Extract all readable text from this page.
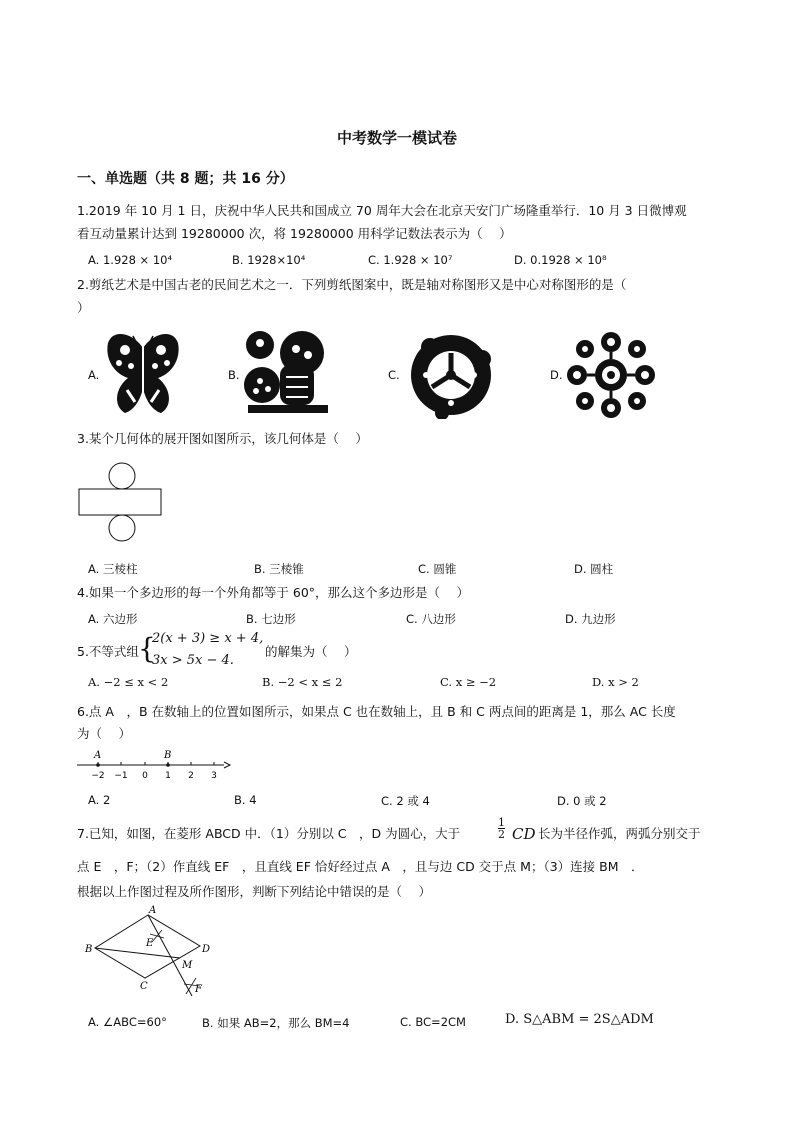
中考数学一模试卷
一、单选题（共 8 题；共 16 分）
1.2019 年 10 月 1 日，庆祝中华人民共和国成立 70 周年大会在北京天安门广场隆重举行．10 月 3 日微博观
看互动量累计达到 19280000 次，将 19280000 用科学记数法表示为（　 ）
A. 1.928 × 10⁴	B. 1928×10⁴	C. 1.928 × 10⁷	D. 0.1928 × 10⁸
2.剪纸艺术是中国古老的民间艺术之一．下列剪纸图案中，既是轴对称图形又是中心对称图形的是（
）
A.	B.	C.	D.
3.某个几何体的展开图如图所示，该几何体是（　 ）
A. 三棱柱	B. 三棱锥	C. 圆锥	D. 圆柱
4.如果一个多边形的每一个外角都等于 60°，那么这个多边形是（　 ）
A. 六边形	B. 七边形	C. 八边形	D. 九边形
5.不等式组 {
2(x + 3) ≥ x + 4,
3x > 5x − 4.
的解集为（　 ）
A. −2 ≤ x < 2	B. −2 < x ≤ 2	C. x ≥ −2	D. x > 2
6.点 A　，B 在数轴上的位置如图所示，如果点 C 也在数轴上，且 B 和 C 两点间的距离是 1，那么 AC 长度
为（　 ）
A	B
−2 −1 0 1 2 3
A. 2	B. 4	C. 2 或 4	D. 0 或 2
7.已知，如图，在菱形 ABCD 中．（1）分别以 C　，D 为圆心，大于	$\frac{1}{2}$ CD 长为半径作弧，两弧分别交于
点 E　，F；（2）作直线 EF　，且直线 EF 恰好经过点 A　，且与边 CD 交于点 M；（3）连接 BM　．
根据以上作图过程及所作图形，判断下列结论中错误的是（　 ）
A
B
C
D
E
M
F
A. ∠ABC=60°	B. 如果 AB=2，那么 BM=4	C. BC=2CM	D. S△ABM = 2S△ADM
